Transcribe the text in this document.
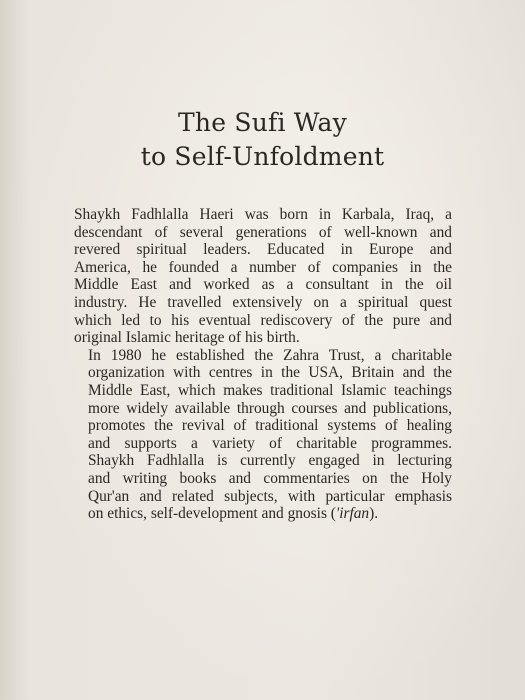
The Sufi Way
to Self-Unfoldment

Shaykh Fadhlalla Haeri was born in Karbala, Iraq, a
descendant of several generations of well-known and
revered spiritual leaders. Educated in Europe and
America, he founded a number of companies in the
Middle East and worked as a consultant in the oil
industry. He travelled extensively on a spiritual quest
which led to his eventual rediscovery of the pure and
original Islamic heritage of his birth.

In 1980 he established the Zahra Trust, a charitable
organization with centres in the USA, Britain and the
Middle East, which makes traditional Islamic teachings
more widely available through courses and publications,
promotes the revival of traditional systems of healing
and supports a variety of charitable programmes.
Shaykh Fadhlalla is currently engaged in lecturing
and writing books and commentaries on the Holy
Qur'an and related subjects, with particular emphasis
on ethics, self-development and gnosis ('irfan).
